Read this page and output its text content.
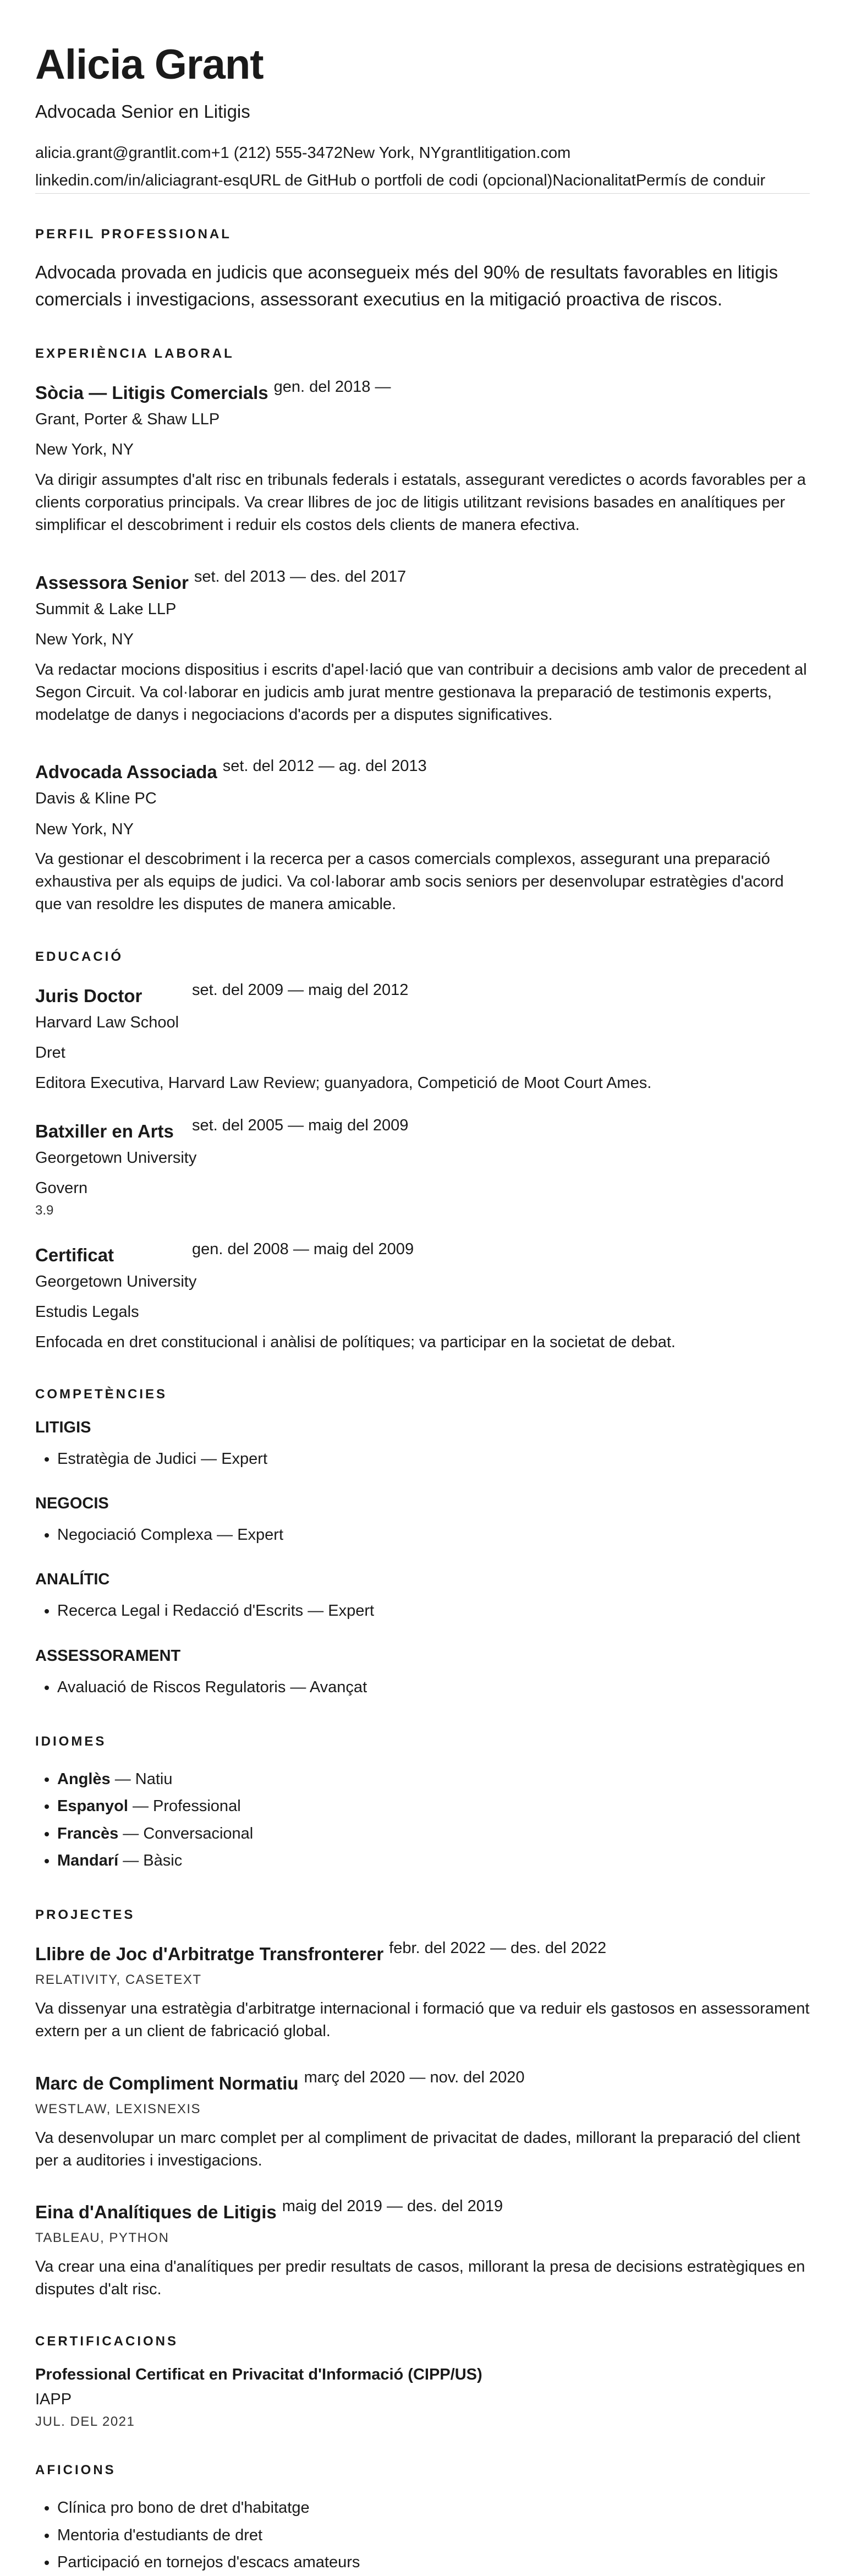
Alicia Grant

Advocada Senior en Litigis

alicia.grant@grantlit.com+1 (212) 555-3472New York, NYgrantlitigation.com
linkedin.com/in/aliciagrant-esqURL de GitHub o portfoli de codi (opcional)NacionalitatPermís de conduir
PERFIL PROFESSIONAL

Advocada provada en judicis que aconsegueix més del 90% de resultats favorables en litigis comercials i investigacions, assessorant executius en la mitigació proactiva de riscos.

EXPERIÈNCIA LABORAL
Sòcia — Litigis Comercials gen. del 2018 —

Grant, Porter & Shaw LLP

New York, NY

Va dirigir assumptes d'alt risc en tribunals federals i estatals, assegurant veredictes o acords favorables per a clients corporatius principals. Va crear llibres de joc de litigis utilitzant revisions basades en analítiques per simplificar el descobriment i reduir els costos dels clients de manera efectiva.

Assessora Senior set. del 2013 — des. del 2017

Summit & Lake LLP

New York, NY

Va redactar mocions dispositius i escrits d'apel·lació que van contribuir a decisions amb valor de precedent al Segon Circuit. Va col·laborar en judicis amb jurat mentre gestionava la preparació de testimonis experts, modelatge de danys i negociacions d'acords per a disputes significatives.

Advocada Associada set. del 2012 — ag. del 2013

Davis & Kline PC

New York, NY

Va gestionar el descobriment i la recerca per a casos comercials complexos, assegurant una preparació exhaustiva per als equips de judici. Va col·laborar amb socis seniors per desenvolupar estratègies d'acord que van resoldre les disputes de manera amicable.

EDUCACIÓ
Juris Doctor	set. del 2009 — maig del 2012

Harvard Law School

Dret

Editora Executiva, Harvard Law Review; guanyadora, Competició de Moot Court Ames.

Batxiller en Arts	set. del 2005 — maig del 2009

Georgetown University

Govern

3.9

Certificat	gen. del 2008 — maig del 2009

Georgetown University

Estudis Legals

Enfocada en dret constitucional i anàlisi de polítiques; va participar en la societat de debat.

COMPETÈNCIES
LITIGIS
• Estratègia de Judici — Expert
NEGOCIS
• Negociació Complexa — Expert
ANALÍTIC
• Recerca Legal i Redacció d'Escrits — Expert
ASSESSORAMENT
• Avaluació de Riscos Regulatoris — Avançat
IDIOMES
• Anglès — Natiu
• Espanyol — Professional
• Francès — Conversacional
• Mandarí — Bàsic
PROJECTES
Llibre de Joc d'Arbitratge Transfronterer febr. del 2022 — des. del 2022

RELATIVITY, CASETEXT

Va dissenyar una estratègia d'arbitratge internacional i formació que va reduir els gastosos en assessorament extern per a un client de fabricació global.

Marc de Compliment Normatiu març del 2020 — nov. del 2020

WESTLAW, LEXISNEXIS

Va desenvolupar un marc complet per al compliment de privacitat de dades, millorant la preparació del client per a auditories i investigacions.

Eina d'Analítiques de Litigis maig del 2019 — des. del 2019

TABLEAU, PYTHON

Va crear una eina d'analítiques per predir resultats de casos, millorant la presa de decisions estratègiques en disputes d'alt risc.

CERTIFICACIONS

Professional Certificat en Privacitat d'Informació (CIPP/US)

IAPP

JUL. DEL 2021

AFICIONS
• Clínica pro bono de dret d'habitatge
• Mentoria d'estudiants de dret
• Participació en tornejos d'escacs amateurs
